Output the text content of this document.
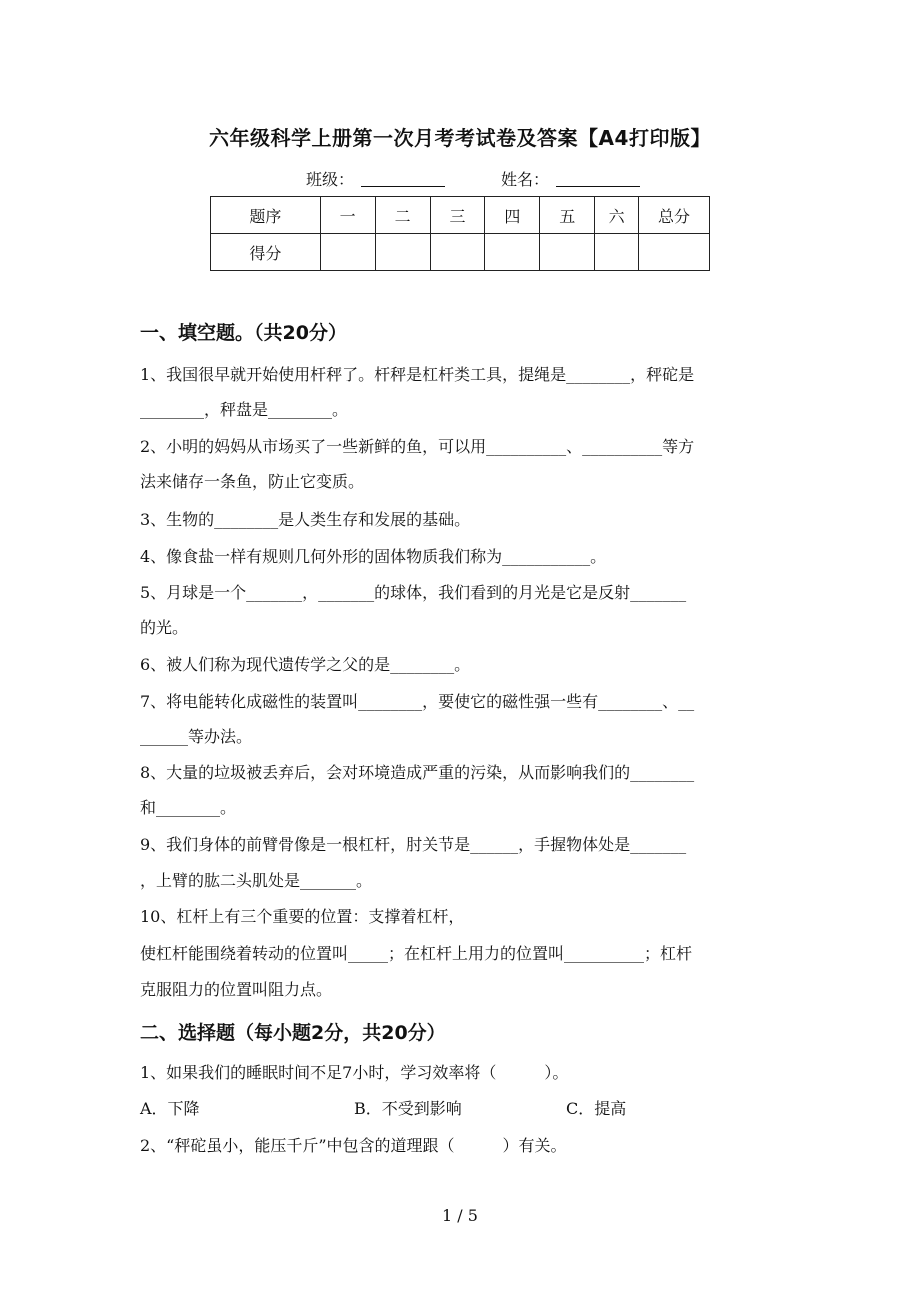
六年级科学上册第一次月考考试卷及答案【A4打印版】
班级：	姓名：
题序	一	二	三	四	五	六	总分
得分							
一、填空题。（共20分）
1、我国很早就开始使用杆秤了。杆秤是杠杆类工具，提绳是________，秤砣是
________，秤盘是________。
2、小明的妈妈从市场买了一些新鲜的鱼，可以用__________、__________等方
法来储存一条鱼，防止它变质。
3、生物的________是人类生存和发展的基础。
4、像食盐一样有规则几何外形的固体物质我们称为___________。
5、月球是一个_______，_______的球体，我们看到的月光是它是反射_______
的光。
6、被人们称为现代遗传学之父的是________。
7、将电能转化成磁性的装置叫________，要使它的磁性强一些有________、__
______等办法。
8、大量的垃圾被丢弃后，会对环境造成严重的污染，从而影响我们的________
和________。
9、我们身体的前臂骨像是一根杠杆，肘关节是______，手握物体处是_______
，上臂的肱二头肌处是_______。
10、杠杆上有三个重要的位置：支撑着杠杆，
使杠杆能围绕着转动的位置叫_____；在杠杆上用力的位置叫__________；杠杆
克服阻力的位置叫阻力点。
二、选择题（每小题2分，共20分）
1、如果我们的睡眠时间不足7小时，学习效率将（　　　）。
A．下降	B．不受到影响	C．提高
2、“秤砣虽小，能压千斤”中包含的道理跟（　　　）有关。
1 / 5
